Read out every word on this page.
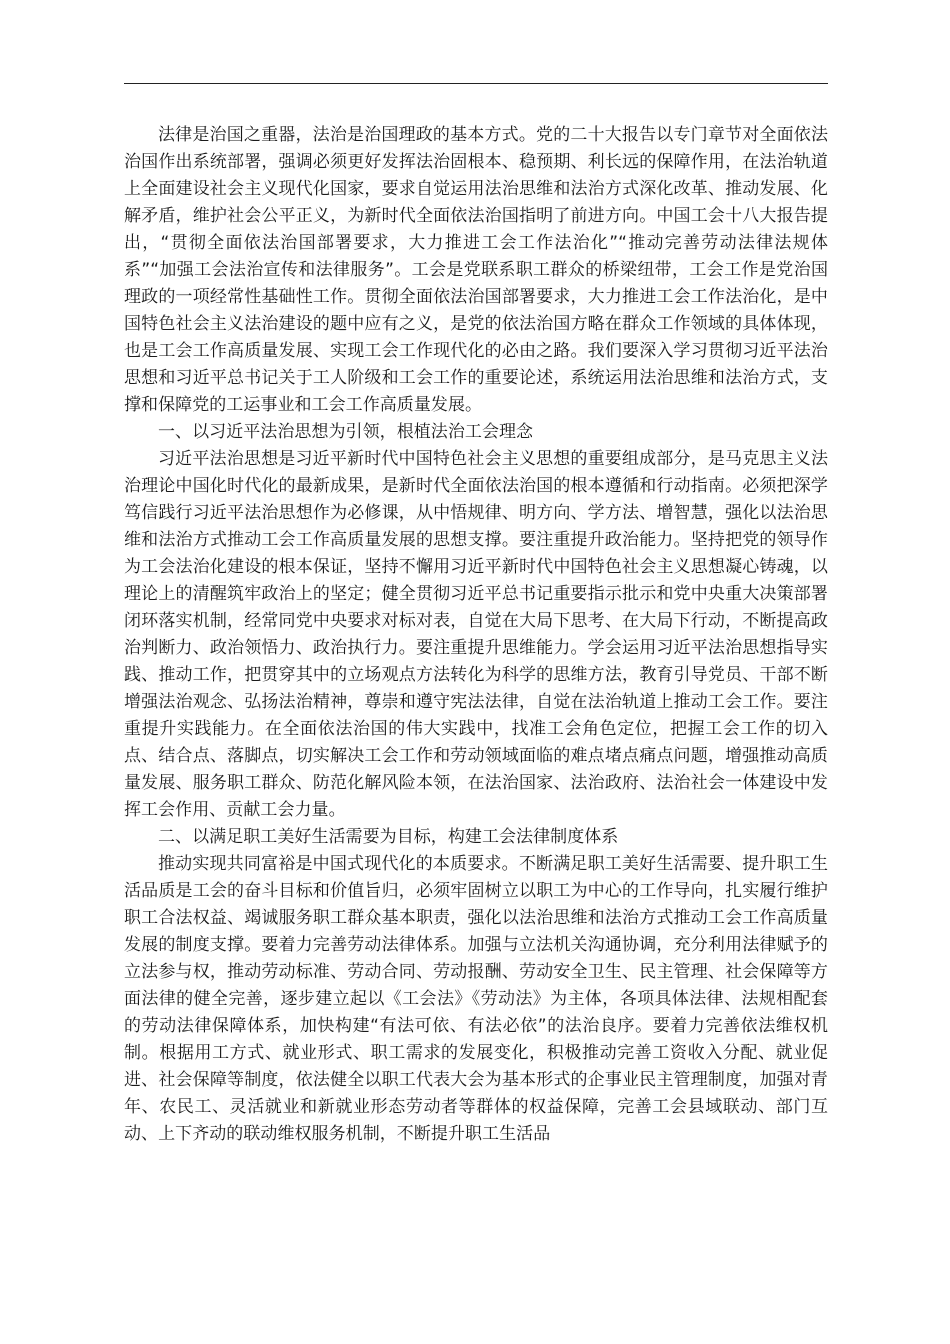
法律是治国之重器，法治是治国理政的基本方式。党的二十大报告以专门章节对全面依法治国作出系统部署，强调必须更好发挥法治固根本、稳预期、利长远的保障作用，在法治轨道上全面建设社会主义现代化国家，要求自觉运用法治思维和法治方式深化改革、推动发展、化解矛盾，维护社会公平正义，为新时代全面依法治国指明了前进方向。中国工会十八大报告提出，“贯彻全面依法治国部署要求，大力推进工会工作法治化”“推动完善劳动法律法规体系”“加强工会法治宣传和法律服务”。工会是党联系职工群众的桥梁纽带，工会工作是党治国理政的一项经常性基础性工作。贯彻全面依法治国部署要求，大力推进工会工作法治化，是中国特色社会主义法治建设的题中应有之义，是党的依法治国方略在群众工作领域的具体体现，也是工会工作高质量发展、实现工会工作现代化的必由之路。我们要深入学习贯彻习近平法治思想和习近平总书记关于工人阶级和工会工作的重要论述，系统运用法治思维和法治方式，支撑和保障党的工运事业和工会工作高质量发展。

一、以习近平法治思想为引领，根植法治工会理念

习近平法治思想是习近平新时代中国特色社会主义思想的重要组成部分，是马克思主义法治理论中国化时代化的最新成果，是新时代全面依法治国的根本遵循和行动指南。必须把深学笃信践行习近平法治思想作为必修课，从中悟规律、明方向、学方法、增智慧，强化以法治思维和法治方式推动工会工作高质量发展的思想支撑。要注重提升政治能力。坚持把党的领导作为工会法治化建设的根本保证，坚持不懈用习近平新时代中国特色社会主义思想凝心铸魂，以理论上的清醒筑牢政治上的坚定；健全贯彻习近平总书记重要指示批示和党中央重大决策部署闭环落实机制，经常同党中央要求对标对表，自觉在大局下思考、在大局下行动，不断提高政治判断力、政治领悟力、政治执行力。要注重提升思维能力。学会运用习近平法治思想指导实践、推动工作，把贯穿其中的立场观点方法转化为科学的思维方法，教育引导党员、干部不断增强法治观念、弘扬法治精神，尊崇和遵守宪法法律，自觉在法治轨道上推动工会工作。要注重提升实践能力。在全面依法治国的伟大实践中，找准工会角色定位，把握工会工作的切入点、结合点、落脚点，切实解决工会工作和劳动领域面临的难点堵点痛点问题，增强推动高质量发展、服务职工群众、防范化解风险本领，在法治国家、法治政府、法治社会一体建设中发挥工会作用、贡献工会力量。

二、以满足职工美好生活需要为目标，构建工会法律制度体系

推动实现共同富裕是中国式现代化的本质要求。不断满足职工美好生活需要、提升职工生活品质是工会的奋斗目标和价值旨归，必须牢固树立以职工为中心的工作导向，扎实履行维护职工合法权益、竭诚服务职工群众基本职责，强化以法治思维和法治方式推动工会工作高质量发展的制度支撑。要着力完善劳动法律体系。加强与立法机关沟通协调，充分利用法律赋予的立法参与权，推动劳动标准、劳动合同、劳动报酬、劳动安全卫生、民主管理、社会保障等方面法律的健全完善，逐步建立起以《工会法》《劳动法》为主体，各项具体法律、法规相配套的劳动法律保障体系，加快构建“有法可依、有法必依”的法治良序。要着力完善依法维权机制。根据用工方式、就业形式、职工需求的发展变化，积极推动完善工资收入分配、就业促进、社会保障等制度，依法健全以职工代表大会为基本形式的企事业民主管理制度，加强对青年、农民工、灵活就业和新就业形态劳动者等群体的权益保障，完善工会县域联动、部门互动、上下齐动的联动维权服务机制，不断提升职工生活品
